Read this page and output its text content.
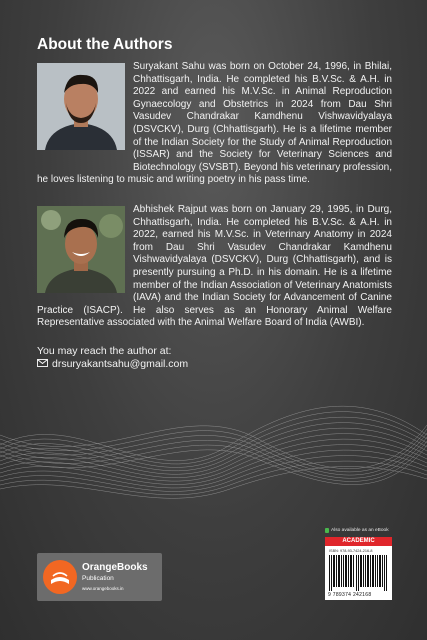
About the Authors
Suryakant Sahu was born on October 24, 1996, in Bhilai, Chhattisgarh, India. He completed his B.V.Sc. & A.H. in 2022 and earned his M.V.Sc. in Animal Reproduction Gynaecology and Obstetrics in 2024 from Dau Shri Vasudev Chandrakar Kamdhenu Vishwavidyalaya (DSVCKV), Durg (Chhattisgarh). He is a lifetime member of the Indian Society for the Study of Animal Reproduction (ISSAR) and the Society for Veterinary Sciences and Biotechnology (SVSBT). Beyond his veterinary profession, he loves listening to music and writing poetry in his pass time.
Abhishek Rajput was born on January 29, 1995, in Durg, Chhattisgarh, India. He completed his B.V.Sc. & A.H. in 2022, earned his M.V.Sc. in Veterinary Anatomy in 2024 from Dau Shri Vasudev Chandrakar Kamdhenu Vishwavidyalaya (DSVCKV), Durg (Chhattisgarh), and is presently pursuing a Ph.D. in his domain. He is a lifetime member of the Indian Association of Veterinary Anatomists (IAVA) and the Indian Society for Advancement of Canine Practice (ISACP). He also serves as an Honorary Animal Welfare Representative associated with the Animal Welfare Board of India (AWBI).
You may reach the author at:
drsuryakantsahu@gmail.com
OrangeBooks
Publication
www.orangebooks.in
Also available as an eBook
ACADEMIC
ISBN: 978-93-7424-216-8
9 789374 242168
